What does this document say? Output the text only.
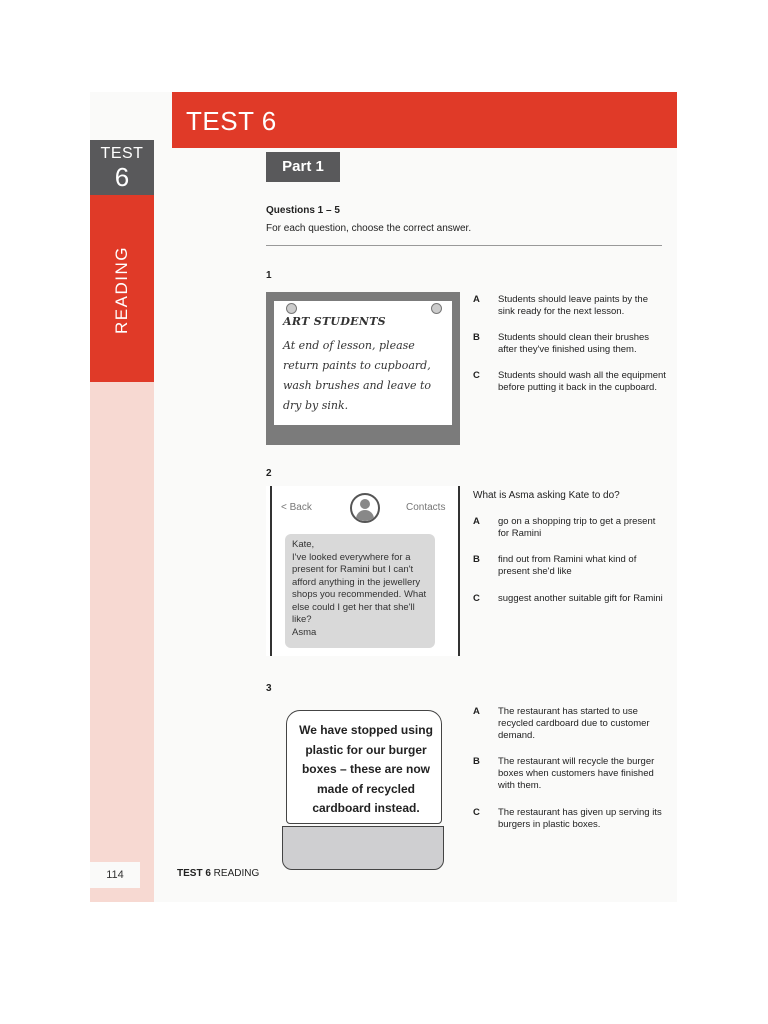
TEST
6
READING
114
TEST 6
Part 1
Questions 1 – 5
For each question, choose the correct answer.
1
ART STUDENTS
At end of lesson, please return paints to cupboard, wash brushes and leave to dry by sink.
A Students should leave paints by the sink ready for the next lesson.
B Students should clean their brushes after they've finished using them.
C Students should wash all the equipment before putting it back in the cupboard.
2
< Back	Contacts
Kate,
I've looked everywhere for a present for Ramini but I can't afford anything in the jewellery shops you recommended. What else could I get her that she'll like?
Asma
What is Asma asking Kate to do?
A go on a shopping trip to get a present for Ramini
B find out from Ramini what kind of present she'd like
C suggest another suitable gift for Ramini
3
We have stopped using plastic for our burger boxes – these are now made of recycled cardboard instead.
A The restaurant has started to use recycled cardboard due to customer demand.
B The restaurant will recycle the burger boxes when customers have finished with them.
C The restaurant has given up serving its burgers in plastic boxes.
TEST 6 READING
